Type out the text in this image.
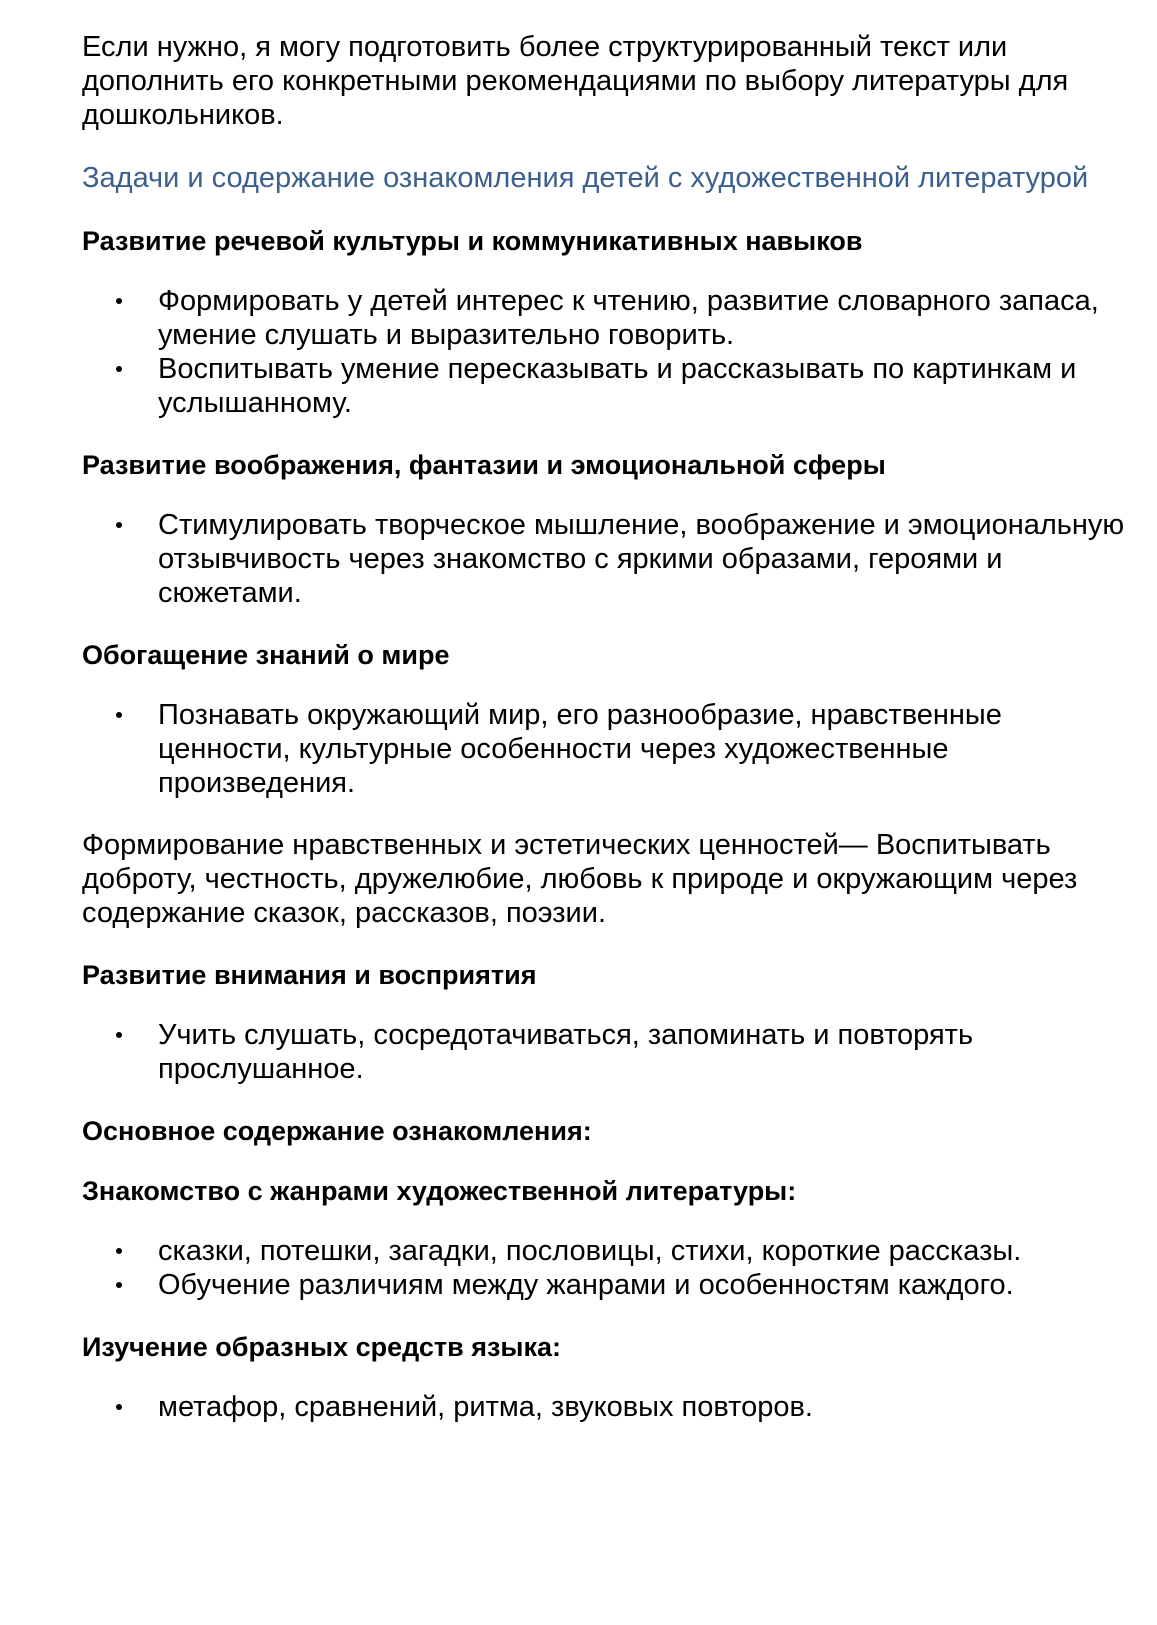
Если нужно, я могу подготовить более структурированный текст или дополнить его конкретными рекомендациями по выбору литературы для дошкольников.

Задачи и содержание ознакомления детей с художественной литературой
Развитие речевой культуры и коммуникативных навыков
Формировать у детей интерес к чтению, развитие словарного запаса, умение слушать и выразительно говорить.
Воспитывать умение пересказывать и рассказывать по картинкам и услышанному.
Развитие воображения, фантазии и эмоциональной сферы
Стимулировать творческое мышление, воображение и эмоциональную отзывчивость через знакомство с яркими образами, героями и сюжетами.
Обогащение знаний о мире
Познавать окружающий мир, его разнообразие, нравственные ценности, культурные особенности через художественные произведения.

Формирование нравственных и эстетических ценностей— Воспитывать доброту, честность, дружелюбие, любовь к природе и окружающим через содержание сказок, рассказов, поэзии.

Развитие внимания и восприятия
Учить слушать, сосредотачиваться, запоминать и повторять прослушанное.
Основное содержание ознакомления:
Знакомство с жанрами художественной литературы:
сказки, потешки, загадки, пословицы, стихи, короткие рассказы.
Обучение различиям между жанрами и особенностям каждого.
Изучение образных средств языка:
метафор, сравнений, ритма, звуковых повторов.
